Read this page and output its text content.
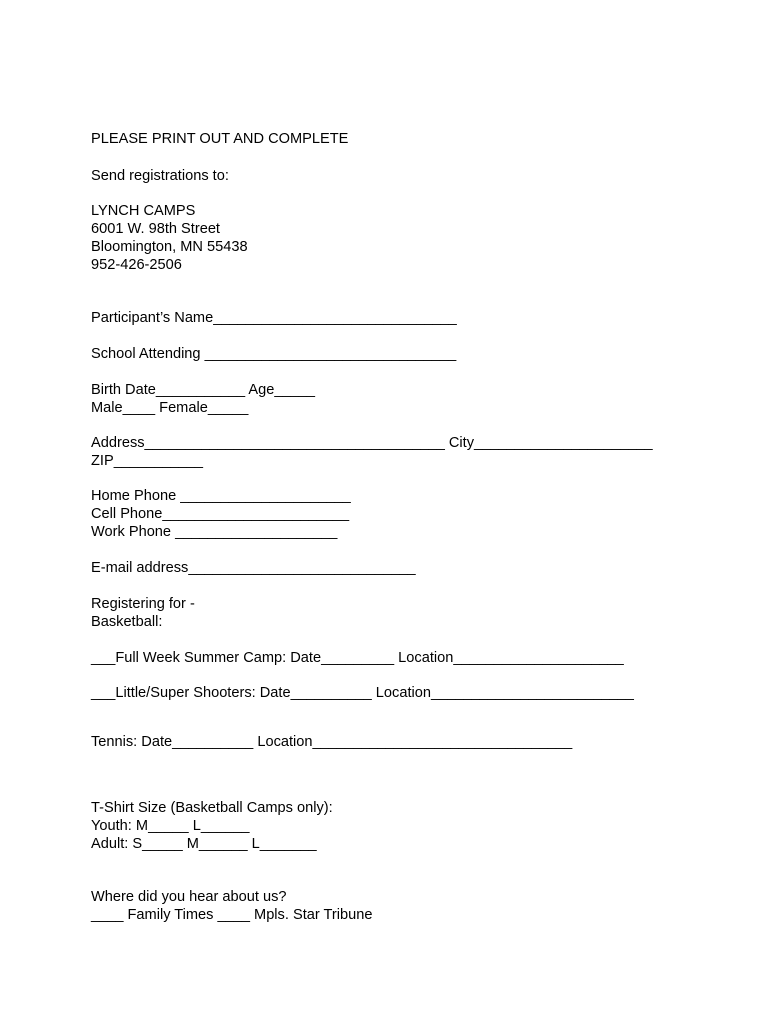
PLEASE PRINT OUT AND COMPLETE
Send registrations to:
LYNCH CAMPS
6001 W. 98th Street
Bloomington, MN 55438
952-426-2506
Participant’s Name______________________________
School Attending _______________________________
Birth Date___________ Age_____
Male____ Female_____
Address_____________________________________ City______________________
ZIP___________
Home Phone _____________________
Cell Phone_______________________
Work Phone ____________________
E-mail address____________________________
Registering for -
Basketball:
___Full Week Summer Camp: Date_________ Location_____________________
___Little/Super Shooters: Date__________ Location_________________________
Tennis: Date__________ Location________________________________
T-Shirt Size (Basketball Camps only):
Youth: M_____ L______
Adult: S_____ M______ L_______
Where did you hear about us?
____ Family Times ____ Mpls. Star Tribune
